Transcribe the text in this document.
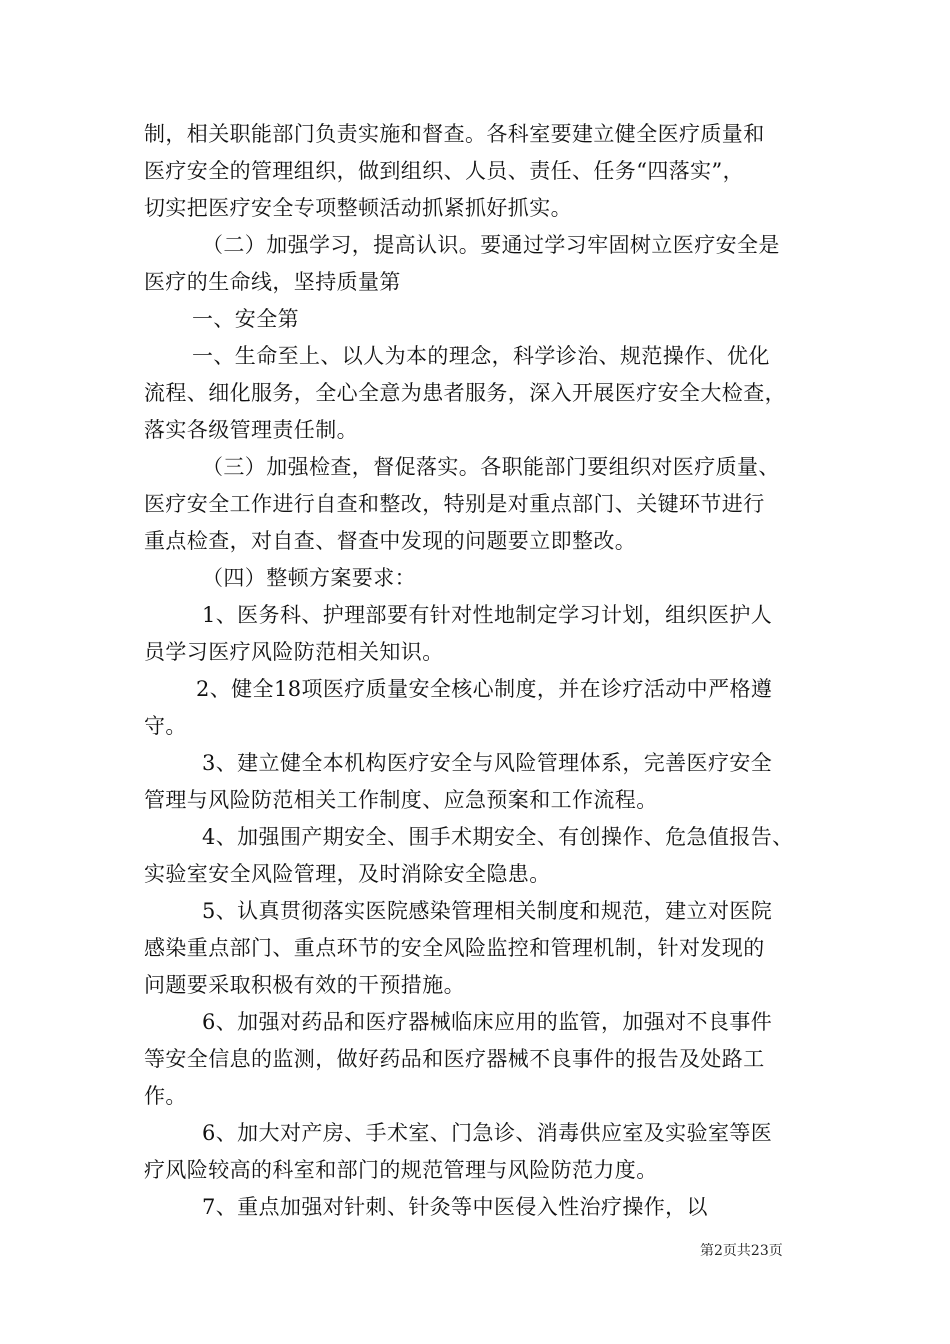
制，相关职能部门负责实施和督查。各科室要建立健全医疗质量和
医疗安全的管理组织，做到组织、人员、责任、任务“四落实”，
切实把医疗安全专项整顿活动抓紧抓好抓实。
（二）加强学习，提高认识。要通过学习牢固树立医疗安全是
医疗的生命线，坚持质量第
一、安全第
一、生命至上、以人为本的理念，科学诊治、规范操作、优化
流程、细化服务，全心全意为患者服务，深入开展医疗安全大检查，
落实各级管理责任制。
（三）加强检查，督促落实。各职能部门要组织对医疗质量、
医疗安全工作进行自查和整改，特别是对重点部门、关键环节进行
重点检查，对自查、督查中发现的问题要立即整改。
（四）整顿方案要求：
1、医务科、护理部要有针对性地制定学习计划，组织医护人
员学习医疗风险防范相关知识。
2、健全18项医疗质量安全核心制度，并在诊疗活动中严格遵
守。
3、建立健全本机构医疗安全与风险管理体系，完善医疗安全
管理与风险防范相关工作制度、应急预案和工作流程。
4、加强围产期安全、围手术期安全、有创操作、危急值报告、
实验室安全风险管理，及时消除安全隐患。
5、认真贯彻落实医院感染管理相关制度和规范，建立对医院
感染重点部门、重点环节的安全风险监控和管理机制，针对发现的
问题要采取积极有效的干预措施。
6、加强对药品和医疗器械临床应用的监管，加强对不良事件
等安全信息的监测，做好药品和医疗器械不良事件的报告及处路工
作。
6、加大对产房、手术室、门急诊、消毒供应室及实验室等医
疗风险较高的科室和部门的规范管理与风险防范力度。
7、重点加强对针刺、针灸等中医侵入性治疗操作，以
第2页共23页
